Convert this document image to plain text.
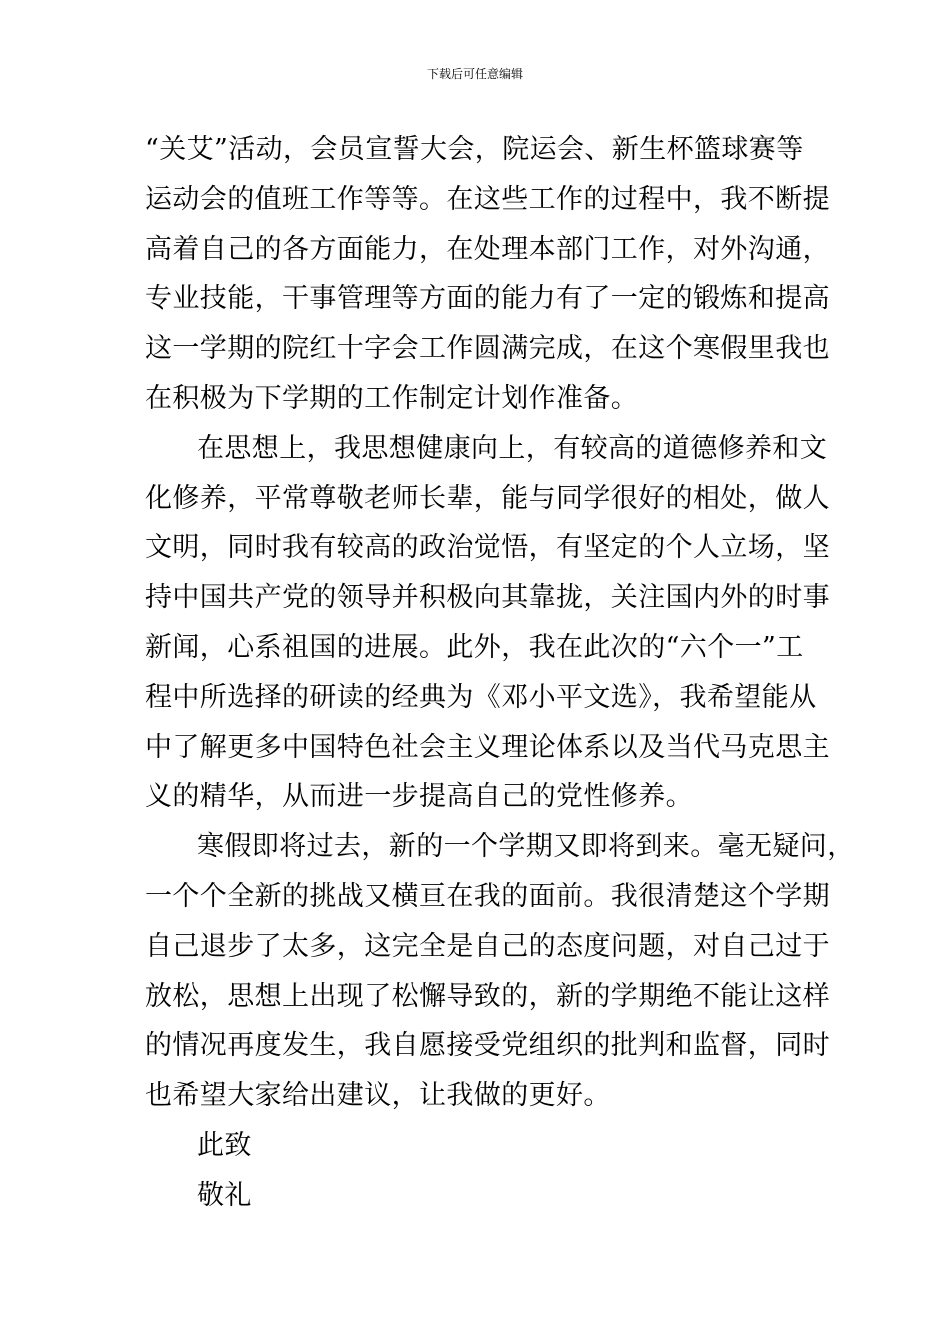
下载后可任意编辑
“关艾”活动，会员宣誓大会，院运会、新生杯篮球赛等
运动会的值班工作等等。在这些工作的过程中，我不断提
高着自己的各方面能力，在处理本部门工作，对外沟通，
专业技能，干事管理等方面的能力有了一定的锻炼和提高
这一学期的院红十字会工作圆满完成，在这个寒假里我也
在积极为下学期的工作制定计划作准备。
在思想上，我思想健康向上，有较高的道德修养和文
化修养，平常尊敬老师长辈，能与同学很好的相处，做人
文明，同时我有较高的政治觉悟，有坚定的个人立场，坚
持中国共产党的领导并积极向其靠拢，关注国内外的时事
新闻，心系祖国的进展。此外，我在此次的“六个一”工
程中所选择的研读的经典为《邓小平文选》，我希望能从
中了解更多中国特色社会主义理论体系以及当代马克思主
义的精华，从而进一步提高自己的党性修养。
寒假即将过去，新的一个学期又即将到来。毫无疑问，
一个个全新的挑战又横亘在我的面前。我很清楚这个学期
自己退步了太多，这完全是自己的态度问题，对自己过于
放松，思想上出现了松懈导致的，新的学期绝不能让这样
的情况再度发生，我自愿接受党组织的批判和监督，同时
也希望大家给出建议，让我做的更好。
此致
敬礼
